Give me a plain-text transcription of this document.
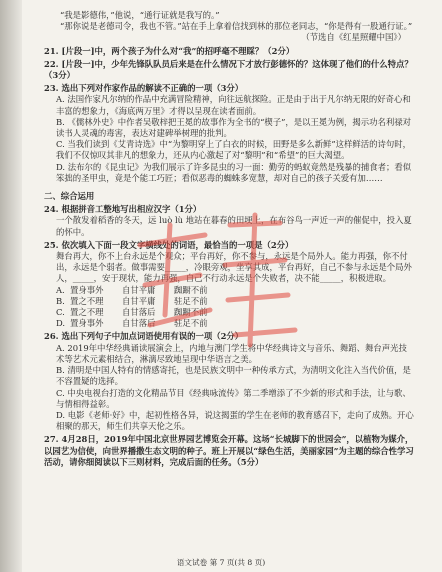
“我是影德伟，”他说，“通行证就是我写的。”
“那你说是老德司令，我也不管。”站在手上拿着信找到林的那位老同志，“你是得有一股通行证。”
（节选自《红星照耀中国》）
21. [片段一]中，两个孩子为什么对“我”的招呼毫不理睬？（2分）
22. [片段一]中，少年先锋队队员后来是在什么情况下才放行彭德怀的？这体现了他们的什么特点？（3分）
23. 选出下列对作家作品的解读不正确的一项（3分）
A. 法国作家凡尔纳的作品中充满冒险精神，向往远航探险。正是由于出于凡尔纳无限的好奇心和丰富的想象力，《海底两万里》才得以呈现在读者面前。
B. 《儒林外史》中作者吴敬梓把王冕的故事作为全书的“楔子”，是以王冕为例，揭示功名利禄对读书人灵魂的毒害，表达对建碑举树理的批判。
C. 当我们读到《艾青诗选》中“为黎明穿上了白衣的时候，田野是多么新鲜”这样鲜活的诗句时，我们不仅惊叹其非凡的想象力，还从内心激起了对“黎明”和“希望”的巨大渴望。
D. 法布尔的《昆虫记》为我们展示了许多昆虫的习一面：勤劳的蚂蚁竟然是残暴的捕食者；看似笨拙的圣甲虫，竟是个能工巧匠；看似恶毒的蜘蛛多宽慧，却对自己的孩子关爱有加……
二、综合运用
24. 根据拼音工整地写出相应汉字（1分）
一个散发着稻香的冬天，远 luò lù 地站在暮春的田埂上，在布谷鸟一声近一声的催促中，投入夏的怀中。
25. 依次填入下面一段文字横线处的词语，最恰当的一项是（2分）
舞台再大，你不上台永远是个观众；平台再好，你不参与，永远是个局外人。能力再强，你不付出，永远是个弱者。做事需要_____，冷眼旁观，坐享其成，平台再好，自己不参与永远是个局外人，_____，安于现状，能力再强，自己不行动永远是个失败者，决不能_____，积极进取。
A. 置身事外	自甘平庸	踟蹰不前
B. 置之不理	自甘平庸	驻足不前
C. 置之不理	自甘落后	踟蹰不前
D. 置身事外	自甘落后	驻足不前
26. 选出下列句子中加点词语使用有误的一项（2分）
A. 2019年中华经典诵读展演会上，内地与澳门学生将中华经典诗文与音乐、舞蹈、舞台声光技术等艺术元素相结合，淋漓尽致地呈现中华语言之美。
B. 清明是中国人特有的情感寄托，也是民族文明中一种传承方式，为清明文化注入当代价值，是不容置疑的选择。
C. 中央电视台打造的文化精品节目《经典咏流传》第二季增添了不少新的形式和手法，让与歌、与情相得益彰。
D. 电影《老师·好》中，起初性格各异，说这揭蛋的学生在老师的教育感召下，走向了成熟。开心相聚的那天，师生们共享天伦之乐。
27. 4月28日，2019年中国北京世界园艺博览会开幕。这场“长城脚下的世园会”，以植物为媒介，以园艺为信使，向世界播撒生态文明的种子。班上开展以“绿色生活，美丽家园”为主题的综合性学习活动，请你细阅读以下三则材料，完成后面的任务。（5分）
语文试卷 第 7 页(共 8 页)
